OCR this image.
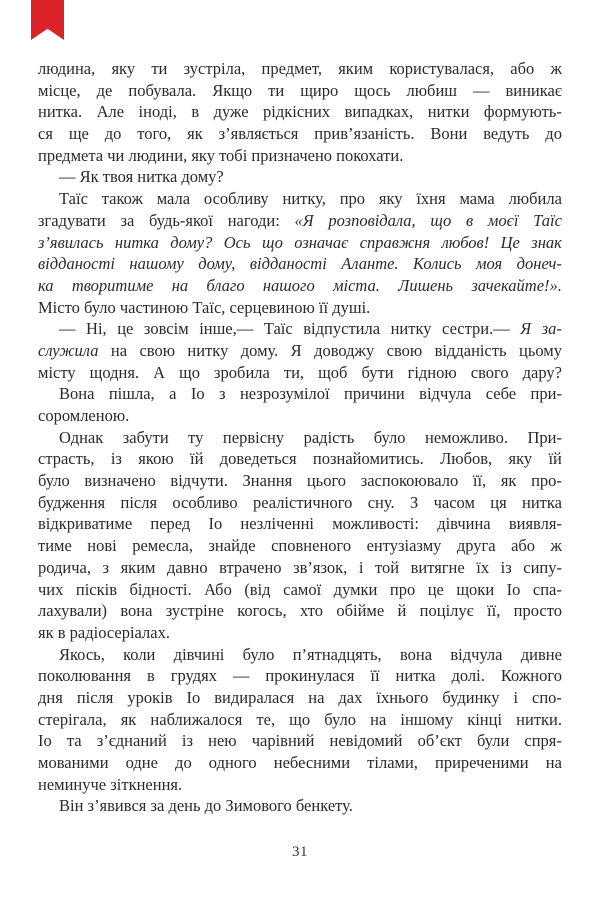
людина, яку ти зустріла, предмет, яким користувалася, або ж
місце, де побувала. Якщо ти щиро щось любиш — виникає
нитка. Але іноді, в дуже рідкісних випадках, нитки формують-
ся ще до того, як з’являється прив’язаність. Вони ведуть до
предмета чи людини, яку тобі призначено покохати.
— Як твоя нитка дому?
Таїс також мала особливу нитку, про яку їхня мама любила
згадувати за будь-якої нагоди: «Я розповідала, що в моєї Таїс
з’явилась нитка дому? Ось що означає справжня любов! Це знак
відданості нашому дому, відданості Аланте. Колись моя донеч-
ка творитиме на благо нашого міста. Лишень зачекайте!».
Місто було частиною Таїс, серцевиною її душі.
— Ні, це зовсім інше,— Таїс відпустила нитку сестри.— Я за-
служила на свою нитку дому. Я доводжу свою відданість цьому
місту щодня. А що зробила ти, щоб бути гідною свого дару?
Вона пішла, а Іо з незрозумілої причини відчула себе при-
соромленою.
Однак забути ту первісну радість було неможливо. При-
страсть, із якою їй доведеться познайомитись. Любов, яку їй
було визначено відчути. Знання цього заспокоювало її, як про-
будження після особливо реалістичного сну. З часом ця нитка
відкриватиме перед Іо незліченні можливості: дівчина виявля-
тиме нові ремесла, знайде сповненого ентузіазму друга або ж
родича, з яким давно втрачено зв’язок, і той витягне їх із сипу-
чих пісків бідності. Або (від самої думки про це щоки Іо спа-
лахували) вона зустріне когось, хто обійме й поцілує її, просто
як в радіосеріалах.
Якось, коли дівчині було п’ятнадцять, вона відчула дивне
поколювання в грудях — прокинулася її нитка долі. Кожного
дня після уроків Іо видиралася на дах їхнього будинку і спо-
стерігала, як наближалося те, що було на іншому кінці нитки.
Іо та з’єднаний із нею чарівний невідомий об’єкт були спря-
мованими одне до одного небесними тілами, приреченими на
неминуче зіткнення.
Він з’явився за день до Зимового бенкету.
31
